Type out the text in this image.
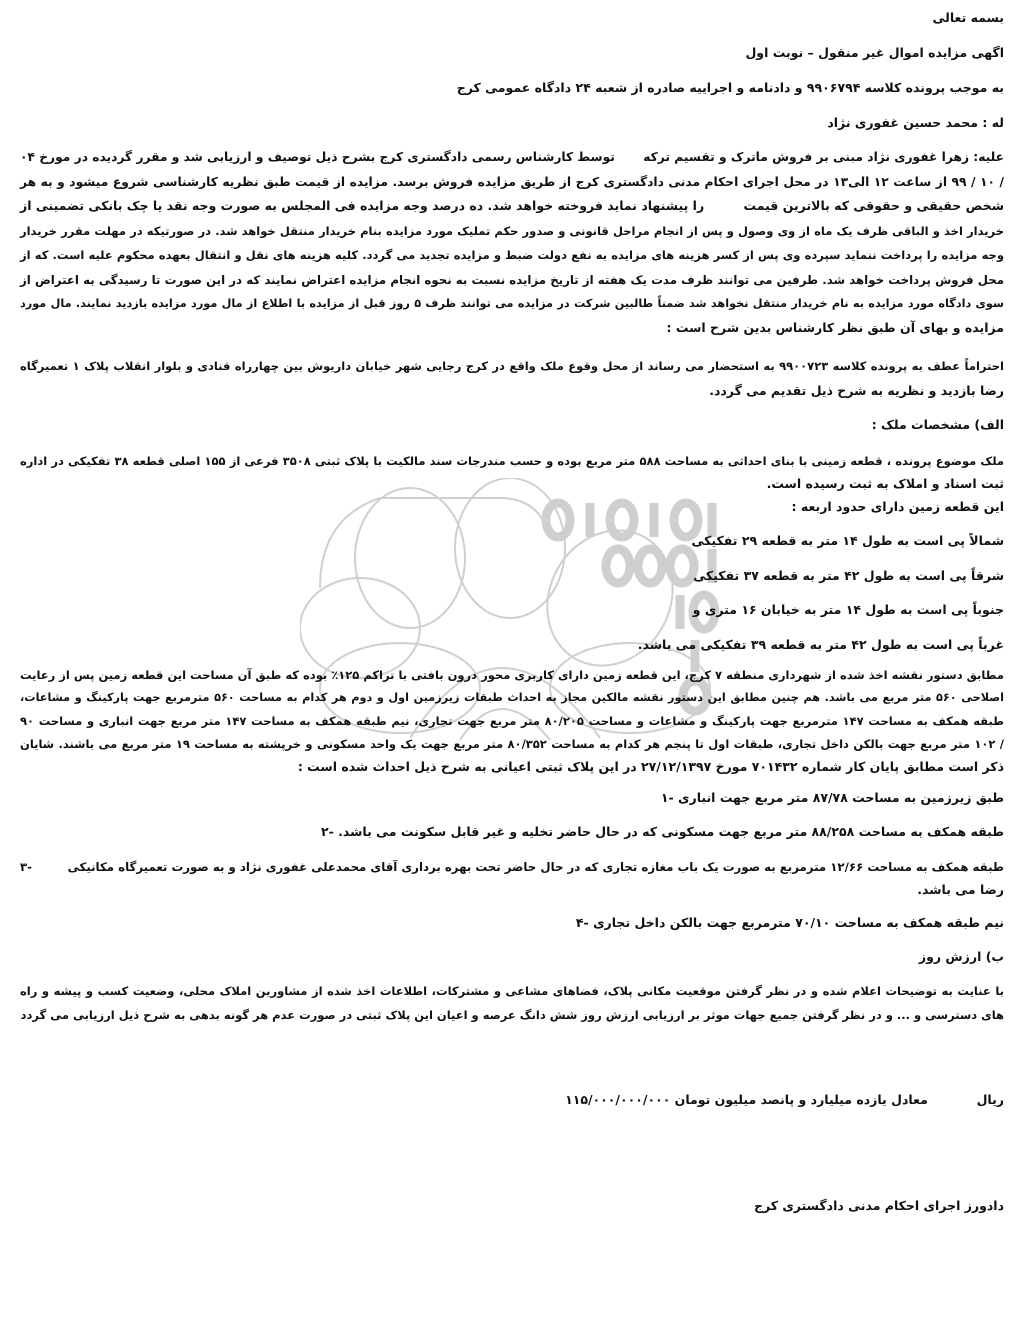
بسمه تعالی
اگهی مزایده اموال غیر منقول – نوبت اول
به موجب پرونده کلاسه ۹۹۰۶۷۹۴ و دادنامه و اجراییه صادره از شعبه ۲۴ دادگاه عمومی کرج
له : محمد حسین غفوری نژاد
علیه: زهرا غفوری نژاد مبنی بر فروش ماترک و تقسیم ترکه
توسط کارشناس رسمی دادگستری کرج بشرح ذیل توصیف و ارزیابی شد و مقرر گردیده در مورخ ۰۴
/ ۱۰ / ۹۹ از ساعت ۱۲ الی۱۳ در محل اجرای احکام مدنی دادگستری کرج از طریق مزایده فروش برسد. مزایده از قیمت طبق نظریه کارشناسی شروع میشود و به هر
شخص حقیقی و حقوقی که بالاترین قیمت
را پیشنهاد نماید فروخته خواهد شد. ده درصد وجه مزایده فی المجلس به صورت وجه نقد یا چک بانکی تضمینی از
خریدار اخذ و الباقی ظرف یک ماه از وی وصول و پس از انجام مراحل قانونی و صدور حکم تملیک مورد مزایده بنام خریدار منتقل خواهد شد. در صورتیکه در مهلت مقرر خریدار
وجه مزایده را پرداخت ننماید سپرده وی پس از کسر هزینه های مزایده به نفع دولت ضبط و مزایده تجدید می گردد. کلیه هزینه های نقل و انتقال بعهده محکوم علیه است. که از
محل فروش پرداخت خواهد شد. طرفین می توانند ظرف مدت یک هفته از تاریخ مزایده نسبت به نحوه انجام مزایده اعتراض نمایند که در این صورت تا رسیدگی به اعتراض از
سوی دادگاه مورد مزایده به نام خریدار منتقل نخواهد شد ضمناً طالبین شرکت در مزایده می توانند ظرف ۵ روز قبل از مزایده با اطلاع از مال مورد مزایده بازدید نمایند. مال مورد
مزایده و بهای آن طبق نظر کارشناس بدین شرح است :
احتراماً عطف به پرونده کلاسه ۹۹۰۰۷۲۳ به استحضار می رساند از محل وقوع ملک واقع در کرج رجایی شهر خیابان داریوش بین چهارراه قنادی و بلوار انقلاب پلاک ۱ تعمیرگاه
رضا بازدید و نظریه به شرح ذیل تقدیم می گردد.
الف) مشخصات ملک :
ملک موضوع پرونده ، قطعه زمینی با بنای احداثی به مساحت ۵۸۸ متر مربع بوده و حسب مندرجات سند مالکیت با پلاک ثبتی ۳۵۰۸ فرعی از ۱۵۵ اصلی قطعه ۳۸ تفکیکی در اداره
ثبت اسناد و املاک به ثبت رسیده است.
این قطعه زمین دارای حدود اربعه :
شمالاً پی است به طول ۱۴ متر به قطعه ۲۹ تفکیکی
شرقاً پی است به طول ۴۲ متر به قطعه ۳۷ تفکیکی
جنوباً پی است به طول ۱۴ متر به خیابان ۱۶ متری و
غرباً پی است به طول ۴۲ متر به قطعه ۳۹ تفکیکی می باشد.
مطابق دستور نقشه اخذ شده از شهرداری منطقه ۷ کرج، این قطعه زمین دارای کاربری محور درون بافتی با تراکم ۱۲۵٪ بوده که طبق آن مساحت این قطعه زمین پس از رعایت
اصلاحی ۵۶۰ متر مربع می باشد. هم چنین مطابق این دستور نقشه مالکین مجاز به احداث طبقات زیرزمین اول و دوم هر کدام به مساحت ۵۶۰ مترمربع جهت پارکینگ و مشاعات،
طبقه همکف به مساحت ۱۴۷ مترمربع جهت پارکینگ و مشاعات و مساحت ۸۰/۲۰۵ متر مربع جهت تجاری، نیم طبقه همکف به مساحت ۱۴۷ متر مربع جهت انباری و مساحت ۹۰
/ ۱۰۲ متر مربع جهت بالکن داخل تجاری، طبقات اول تا پنجم هر کدام به مساحت ۸۰/۳۵۲ متر مربع جهت یک واحد مسکونی و خرپشته به مساحت ۱۹ متر مربع می باشند. شایان
ذکر است مطابق پایان کار شماره ۷۰۱۴۳۲ مورخ ۲۷/۱۲/۱۳۹۷ در این پلاک ثبتی اعیانی به شرح ذیل احداث شده است :
طبق زیرزمین به مساحت ۸۷/۷۸ متر مربع جهت انباری -۱
طبقه همکف به مساحت ۸۸/۲۵۸ متر مربع جهت مسکونی که در حال حاضر تخلیه و غیر قابل سکونت می باشد. -۲
طبقه همکف به مساحت ۱۲/۶۶ مترمربع به صورت یک باب مغازه تجاری که در حال حاضر تحت بهره برداری آقای محمدعلی غفوری نژاد و به صورت تعمیرگاه مکانیکی
-۳
رضا می باشد.
نیم طبقه همکف به مساحت ۷۰/۱۰ مترمربع جهت بالکن داخل تجاری -۴
ب) ارزش روز
با عنایت به توضیحات اعلام شده و در نظر گرفتن موقعیت مکانی پلاک، فضاهای مشاعی و مشترکات، اطلاعات اخذ شده از مشاورین املاک محلی، وضعیت کسب و پیشه و راه
های دسترسی و ... و در نظر گرفتن جمیع جهات موثر بر ارزیابی ارزش روز شش دانگ عرصه و اعیان این پلاک ثبتی در صورت عدم هر گونه بدهی به شرح ذیل ارزیابی می گردد
ریال  معادل یازده میلیارد و پانصد میلیون تومان ۱۱۵/۰۰۰/۰۰۰/۰۰۰
دادورز اجرای احکام مدنی دادگستری کرج
